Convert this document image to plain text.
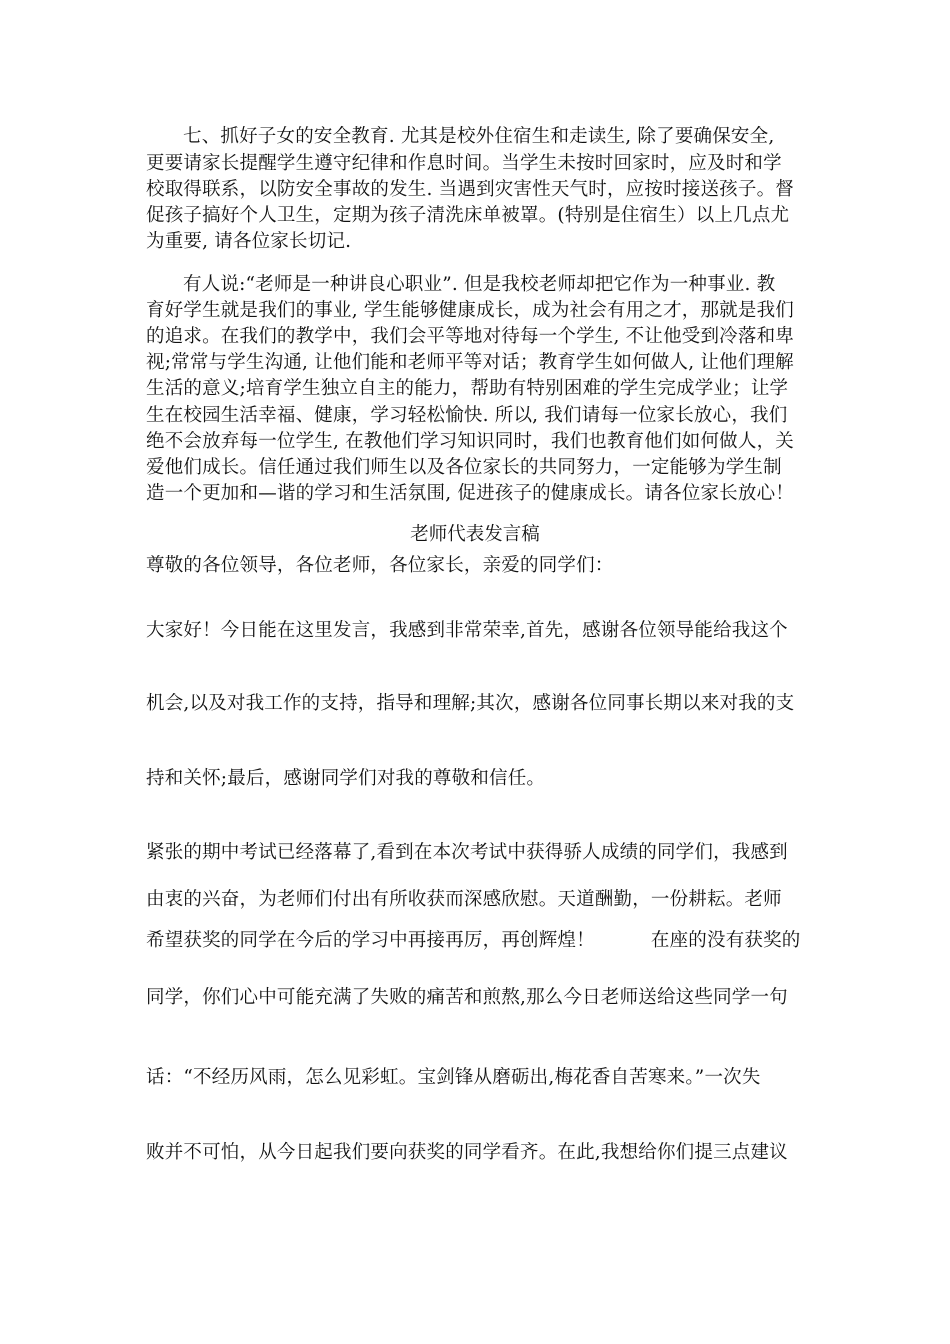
七、抓好子女的安全教育. 尤其是校外住宿生和走读生, 除了要确保安全,
更要请家长提醒学生遵守纪律和作息时间。当学生未按时回家时，应及时和学
校取得联系，以防安全事故的发生. 当遇到灾害性天气时，应按时接送孩子。督
促孩子搞好个人卫生，定期为孩子清洗床单被罩。(特别是住宿生）以上几点尤
为重要, 请各位家长切记.
有人说:“老师是一种讲良心职业”. 但是我校老师却把它作为一种事业. 教
育好学生就是我们的事业, 学生能够健康成长，成为社会有用之才，那就是我们
的追求。在我们的教学中，我们会平等地对待每一个学生, 不让他受到冷落和卑
视;常常与学生沟通, 让他们能和老师平等对话；教育学生如何做人, 让他们理解
生活的意义;培育学生独立自主的能力，帮助有特别困难的学生完成学业；让学
生在校园生活幸福、健康，学习轻松愉快. 所以, 我们请每一位家长放心，我们
绝不会放弃每一位学生, 在教他们学习知识同时，我们也教育他们如何做人，关
爱他们成长。信任通过我们师生以及各位家长的共同努力，一定能够为学生制
造一个更加和—谐的学习和生活氛围, 促进孩子的健康成长。请各位家长放心！
老师代表发言稿
尊敬的各位领导，各位老师，各位家长，亲爱的同学们：
大家好！今日能在这里发言，我感到非常荣幸,首先，感谢各位领导能给我这个
机会,以及对我工作的支持，指导和理解;其次，感谢各位同事长期以来对我的支
持和关怀;最后，感谢同学们对我的尊敬和信任。
紧张的期中考试已经落幕了,看到在本次考试中获得骄人成绩的同学们，我感到
由衷的兴奋，为老师们付出有所收获而深感欣慰。天道酬勤，一份耕耘。老师
希望获奖的同学在今后的学习中再接再厉，再创辉煌！　　　在座的没有获奖的
同学，你们心中可能充满了失败的痛苦和煎熬,那么今日老师送给这些同学一句
话：“不经历风雨，怎么见彩虹。宝剑锋从磨砺出,梅花香自苦寒来。”一次失
败并不可怕，从今日起我们要向获奖的同学看齐。在此,我想给你们提三点建议
